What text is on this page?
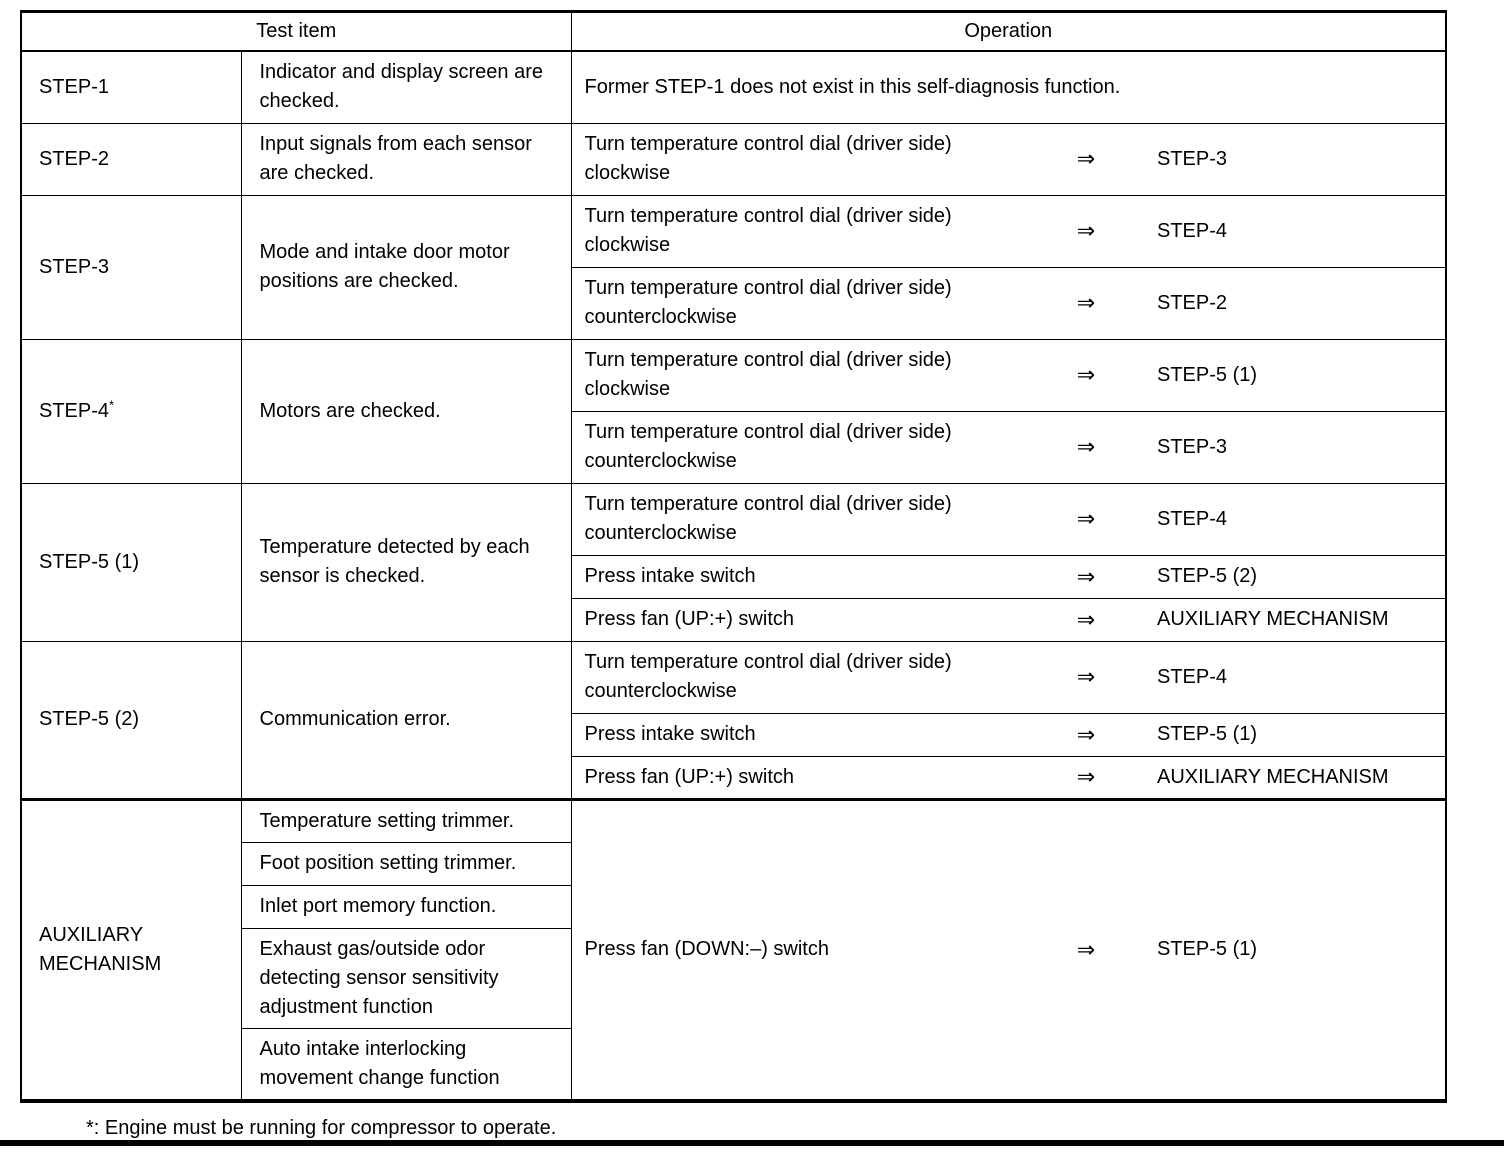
Test item		Operation		
STEP-1	Indicator and display screen are checked.	Former STEP-1 does not exist in this self-diagnosis function.		
STEP-2	Input signals from each sensor are checked.	Turn temperature control dial (driver side) clockwise	⇒	STEP-3
STEP-3	Mode and intake door motor positions are checked.	Turn temperature control dial (driver side) clockwise	⇒	STEP-4
		Turn temperature control dial (driver side) counterclockwise	⇒	STEP-2
STEP-4*	Motors are checked.	Turn temperature control dial (driver side) clockwise	⇒	STEP-5 (1)
		Turn temperature control dial (driver side) counterclockwise	⇒	STEP-3
STEP-5 (1)	Temperature detected by each sensor is checked.	Turn temperature control dial (driver side) counterclockwise	⇒	STEP-4
		Press intake switch	⇒	STEP-5 (2)
		Press fan (UP:+) switch	⇒	AUXILIARY MECHANISM
STEP-5 (2)	Communication error.	Turn temperature control dial (driver side) counterclockwise	⇒	STEP-4
		Press intake switch	⇒	STEP-5 (1)
		Press fan (UP:+) switch	⇒	AUXILIARY MECHANISM
AUXILIARY MECHANISM	Temperature setting trimmer.	Press fan (DOWN:–) switch	⇒	STEP-5 (1)
	Foot position setting trimmer.			
	Inlet port memory function.			
	Exhaust gas/outside odor detecting sensor sensitivity adjustment function			
	Auto intake interlocking movement change function			
*: Engine must be running for compressor to operate.
